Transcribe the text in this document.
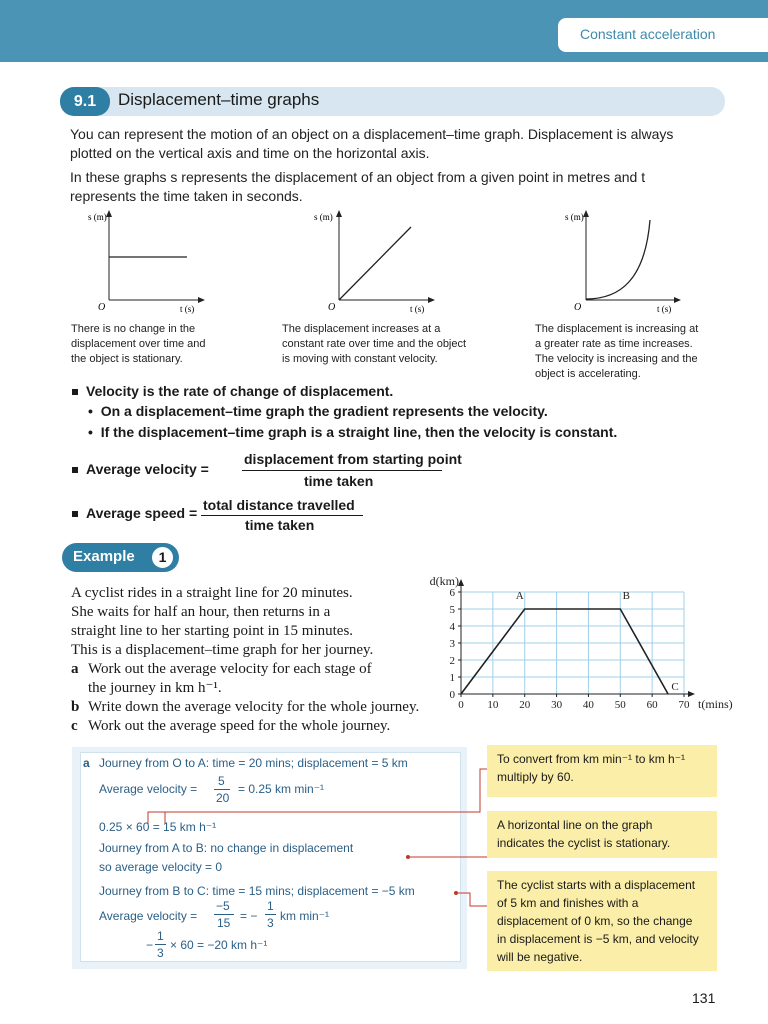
Constant acceleration
9.1	Displacement–time graphs
You can represent the motion of an object on a displacement–time graph. Displacement is always
plotted on the vertical axis and time on the horizontal axis.
In these graphs s represents the displacement of an object from a given point in metres and t
represents the time taken in seconds.
s (m)
O	t (s)
s (m)
O	t (s)
s (m)
O	t (s)
There is no change in the
displacement over time and
the object is stationary.
The displacement increases at a
constant rate over time and the object
is moving with constant velocity.
The displacement is increasing at
a greater rate as time increases.
The velocity is increasing and the
object is accelerating.
Velocity is the rate of change of displacement.
•  On a displacement–time graph the gradient represents the velocity.
•  If the displacement–time graph is a straight line, then the velocity is constant.
Average velocity =
displacement from starting point
time taken
Average speed = total distance travelled
time taken
Example	1
A cyclist rides in a straight line for 20 minutes.
She waits for half an hour, then returns in a
straight line to her starting point in 15 minutes.
This is a displacement–time graph for her journey.
a Work out the average velocity for each stage of
the journey in km h⁻¹.
b Write down the average velocity for the whole journey.
c Work out the average speed for the whole journey.
0 10 20 30 40 50 60 70
0
1
2
3
4
5
6
d(km)
t(mins)
A	B
C
a Journey from O to A: time = 20 mins; displacement = 5 km
Average velocity =
5
20
= 0.25 km min⁻¹
0.25 × 60 = 15 km h⁻¹
Journey from A to B: no change in displacement
so average velocity = 0
Journey from B to C: time = 15 mins; displacement = −5 km
Average velocity =
−5
15 = −
1
3 km min⁻¹
−
1
3
× 60 = −20 km h⁻¹
To convert from km min⁻¹ to km h⁻¹
multiply by 60.
A horizontal line on the graph
indicates the cyclist is stationary.
The cyclist starts with a displacement
of 5 km and finishes with a
displacement of 0 km, so the change
in displacement is −5 km, and velocity
will be negative.
131
